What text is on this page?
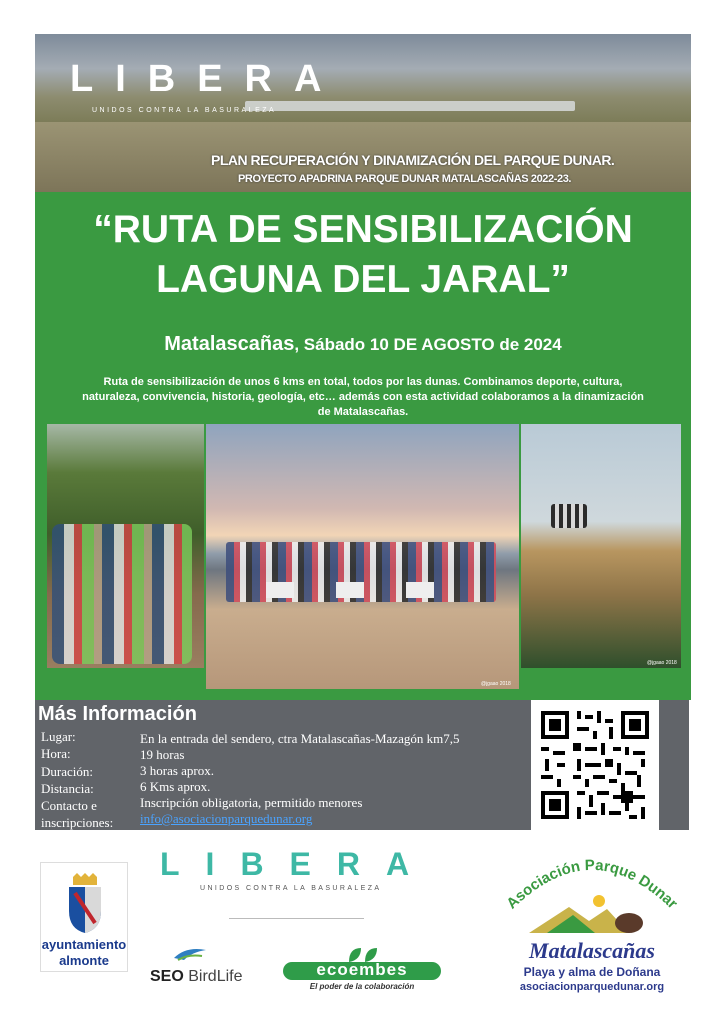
LIBERA
UNIDOS CONTRA LA BASURALEZA
PLAN RECUPERACIÓN Y DINAMIZACIÓN DEL PARQUE DUNAR.
PROYECTO APADRINA PARQUE DUNAR MATALASCAÑAS 2022-23.
“RUTA DE SENSIBILIZACIÓN
LAGUNA DEL JARAL”
Matalascañas, Sábado 10 DE AGOSTO de 2024
Ruta de sensibilización de unos 6 kms en total, todos por las dunas. Combinamos deporte, cultura, naturaleza, convivencia, historia, geología, etc… además con esta actividad colaboramos a la dinamización de Matalascañas.
@jgaao 2018
@jgaao 2018
Más Información
Lugar:	En la entrada del sendero, ctra Matalascañas-Mazagón km7,5
Hora:	19 horas
Duración:	3 horas aprox.
Distancia:	6 Kms aprox.
Contacto e	Inscripción obligatoria, permitido menores
inscripciones: info@asociacionparquedunar.org
ayuntamiento
almonte
LIBERA
UNIDOS CONTRA LA BASURALEZA
SEO BirdLife	ecoembes
El poder de la colaboración
Asociación Parque Dunar
Matalascañas
Playa y alma de Doñana
asociacionparquedunar.org
